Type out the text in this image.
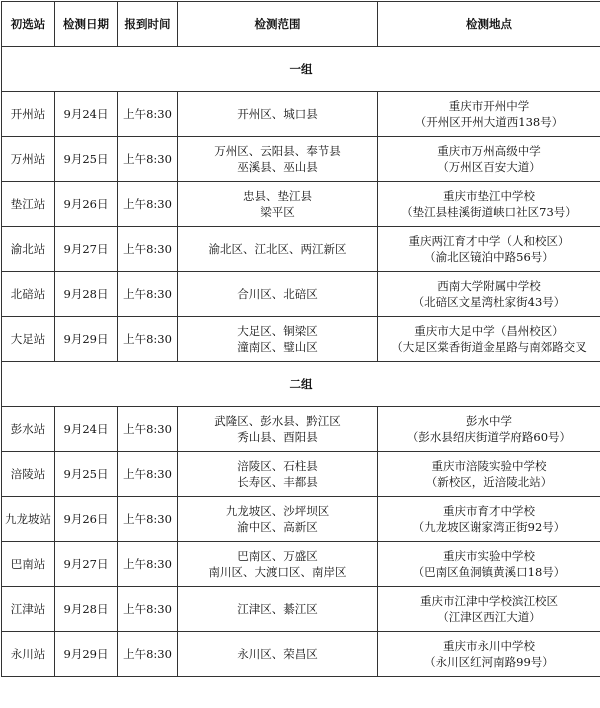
初选站	检测日期	报到时间	检测范围	检测地点
一组				
开州站	9月24日	上午8:30	开州区、城口县	重庆市开州中学
（开州区开州大道西138号）

万州站	9月25日	上午8:30	万州区、云阳县、奉节县
巫溪县、巫山县	重庆市万州高级中学
（万州区百安大道）

垫江站	9月26日	上午8:30	忠县、垫江县
梁平区	重庆市垫江中学校
（垫江县桂溪街道峡口社区73号）

渝北站	9月27日	上午8:30	渝北区、江北区、两江新区	重庆两江育才中学（人和校区）
（渝北区镜泊中路56号）

北碚站	9月28日	上午8:30	合川区、北碚区	西南大学附属中学校
（北碚区文星湾杜家街43号）

大足站	9月29日	上午8:30	大足区、铜梁区
潼南区、璧山区	重庆市大足中学（昌州校区）
（大足区棠香街道金星路与南郊路交叉

二组				
彭水站	9月24日	上午8:30	武隆区、彭水县、黔江区
秀山县、酉阳县	彭水中学
（彭水县绍庆街道学府路60号）

涪陵站	9月25日	上午8:30	涪陵区、石柱县
长寿区、丰都县	重庆市涪陵实验中学校
（新校区，近涪陵北站）

九龙坡站	9月26日	上午8:30	九龙坡区、沙坪坝区
渝中区、高新区	重庆市育才中学校
（九龙坡区谢家湾正街92号）

巴南站	9月27日	上午8:30	巴南区、万盛区
南川区、大渡口区、南岸区	重庆市实验中学校
（巴南区鱼洞镇黄溪口18号）

江津站	9月28日	上午8:30	江津区、綦江区	重庆市江津中学校滨江校区
（江津区西江大道）

永川站	9月29日	上午8:30	永川区、荣昌区	重庆市永川中学校
（永川区红河南路99号）
